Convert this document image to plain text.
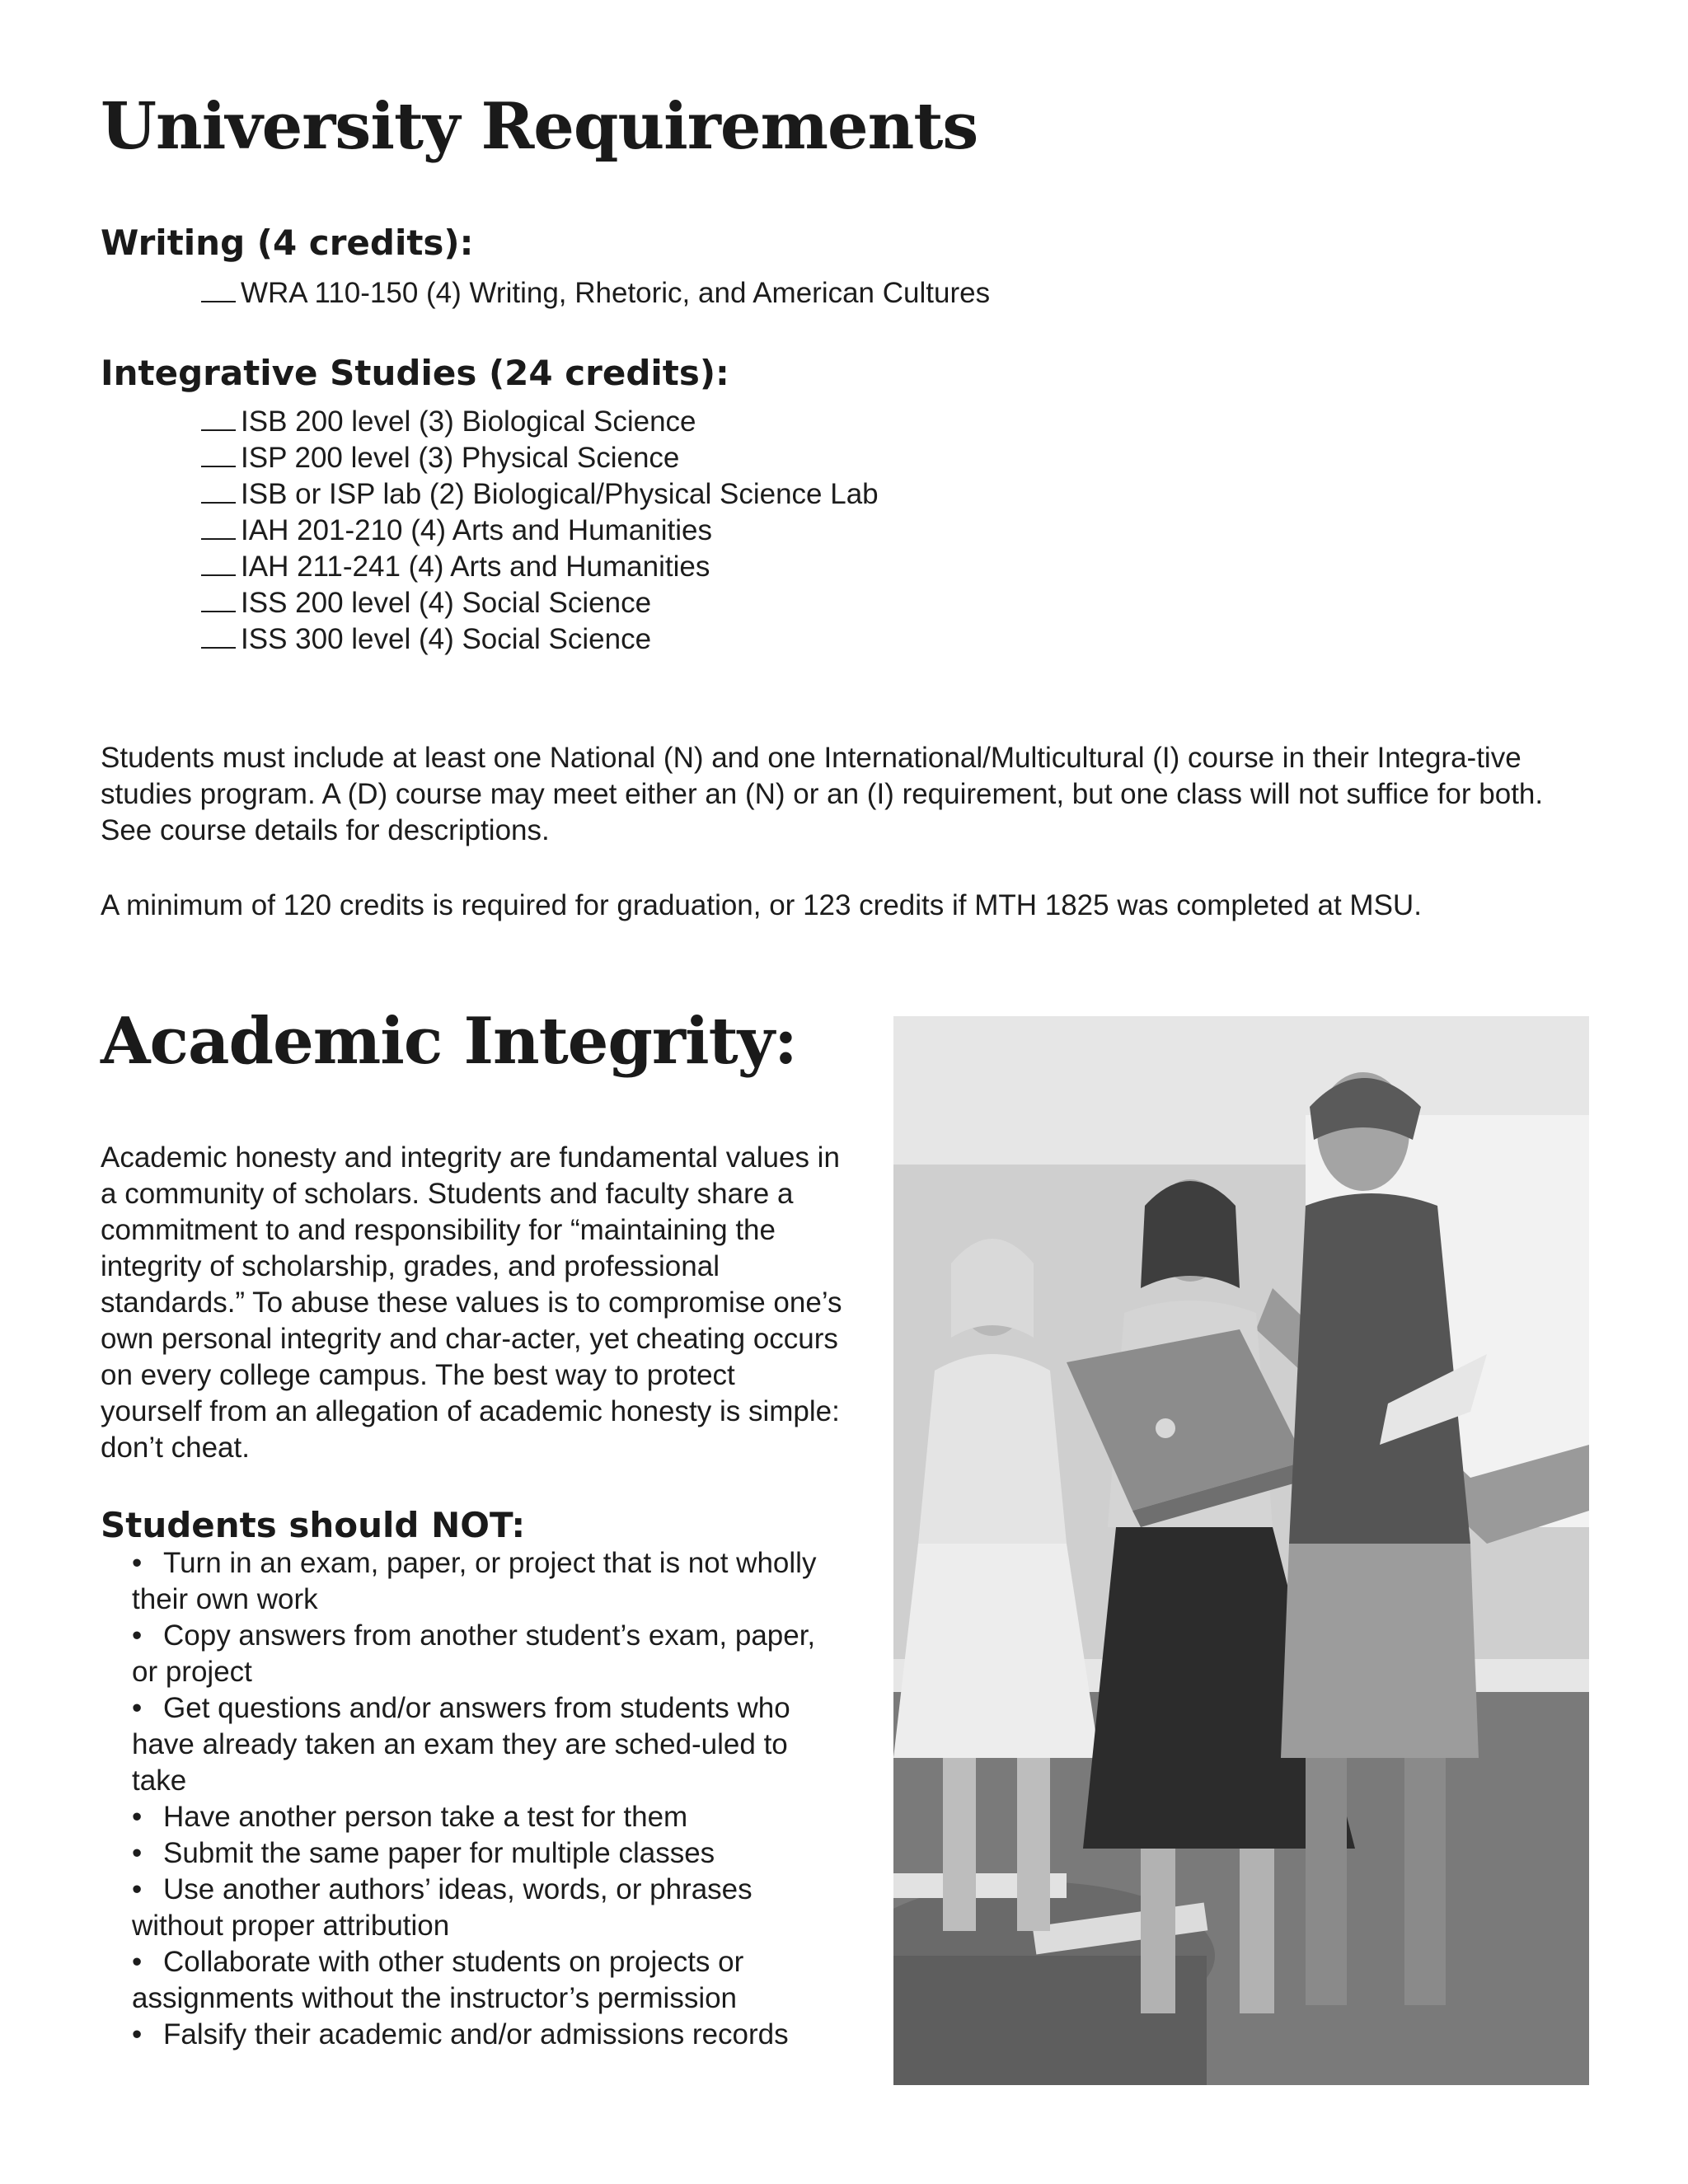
University Requirements
Writing (4 credits):
WRA 110-150 (4) Writing, Rhetoric, and American Cultures
Integrative Studies (24 credits):
ISB 200 level (3) Biological Science
ISP 200 level (3) Physical Science
ISB or ISP lab (2) Biological/Physical Science Lab
IAH 201-210 (4) Arts and Humanities
IAH 211-241 (4) Arts and Humanities
ISS 200 level (4) Social Science
ISS 300 level (4) Social Science

Students must include at least one National (N) and one International/Multicultural (I) course in their Integra-tive studies program. A (D) course may meet either an (N) or an (I) requirement, but one class will not suffice for both. See course details for descriptions.

A minimum of 120 credits is required for graduation, or 123 credits if MTH 1825 was completed at MSU.

Academic Integrity:

Academic honesty and integrity are fundamental values in a community of scholars. Students and faculty share a commitment to and responsibility for “maintaining the integrity of scholarship, grades, and professional standards.” To abuse these values is to compromise one’s own personal integrity and char-acter, yet cheating occurs on every college campus. The best way to protect yourself from an allegation of academic honesty is simple: don’t cheat.

Students should NOT:
• Turn in an exam, paper, or project that is not wholly their own work
• Copy answers from another student’s exam, paper, or project
• Get questions and/or answers from students who have already taken an exam they are sched-uled to take
• Have another person take a test for them
• Submit the same paper for multiple classes
• Use another authors’ ideas, words, or phrases without proper attribution
• Collaborate with other students on projects or assignments without the instructor’s permission
• Falsify their academic and/or admissions records
